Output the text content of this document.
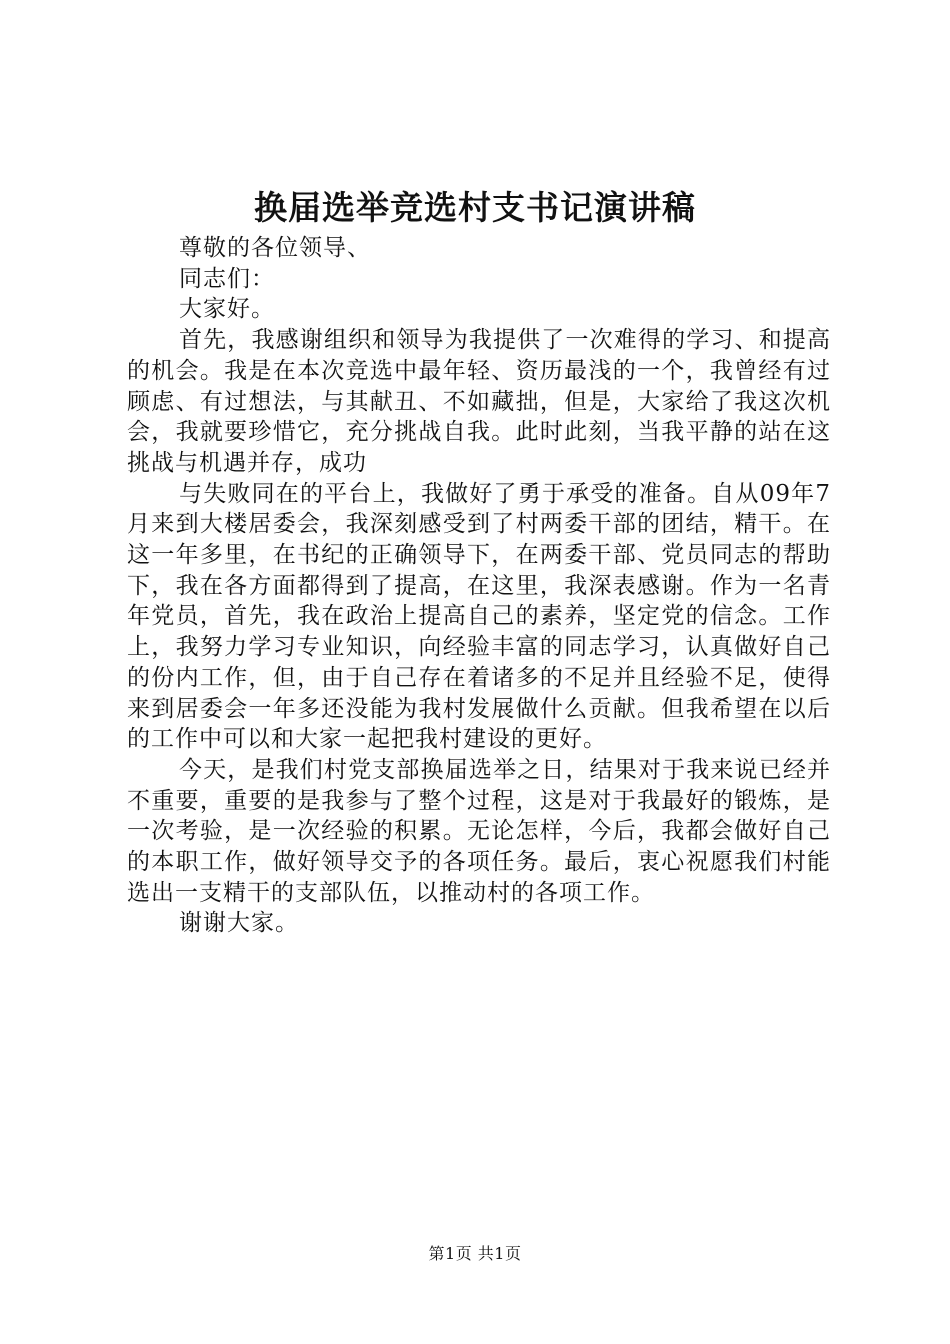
换届选举竞选村支书记演讲稿

尊敬的各位领导、

同志们：

大家好。

首先，我感谢组织和领导为我提供了一次难得的学习、和提高的机会。我是在本次竞选中最年轻、资历最浅的一个，我曾经有过顾虑、有过想法，与其献丑、不如藏拙，但是，大家给了我这次机会，我就要珍惜它，充分挑战自我。此时此刻，当我平静的站在这挑战与机遇并存，成功

与失败同在的平台上，我做好了勇于承受的准备。自从09年7月来到大楼居委会，我深刻感受到了村两委干部的团结，精干。在这一年多里，在书纪的正确领导下，在两委干部、党员同志的帮助下，我在各方面都得到了提高，在这里，我深表感谢。作为一名青年党员，首先，我在政治上提高自己的素养，坚定党的信念。工作上，我努力学习专业知识，向经验丰富的同志学习，认真做好自己的份内工作，但，由于自己存在着诸多的不足并且经验不足，使得来到居委会一年多还没能为我村发展做什么贡献。但我希望在以后的工作中可以和大家一起把我村建设的更好。

今天，是我们村党支部换届选举之日，结果对于我来说已经并不重要，重要的是我参与了整个过程，这是对于我最好的锻炼，是一次考验，是一次经验的积累。无论怎样，今后，我都会做好自己的本职工作，做好领导交予的各项任务。最后，衷心祝愿我们村能选出一支精干的支部队伍，以推动村的各项工作。

谢谢大家。

第1页 共1页
